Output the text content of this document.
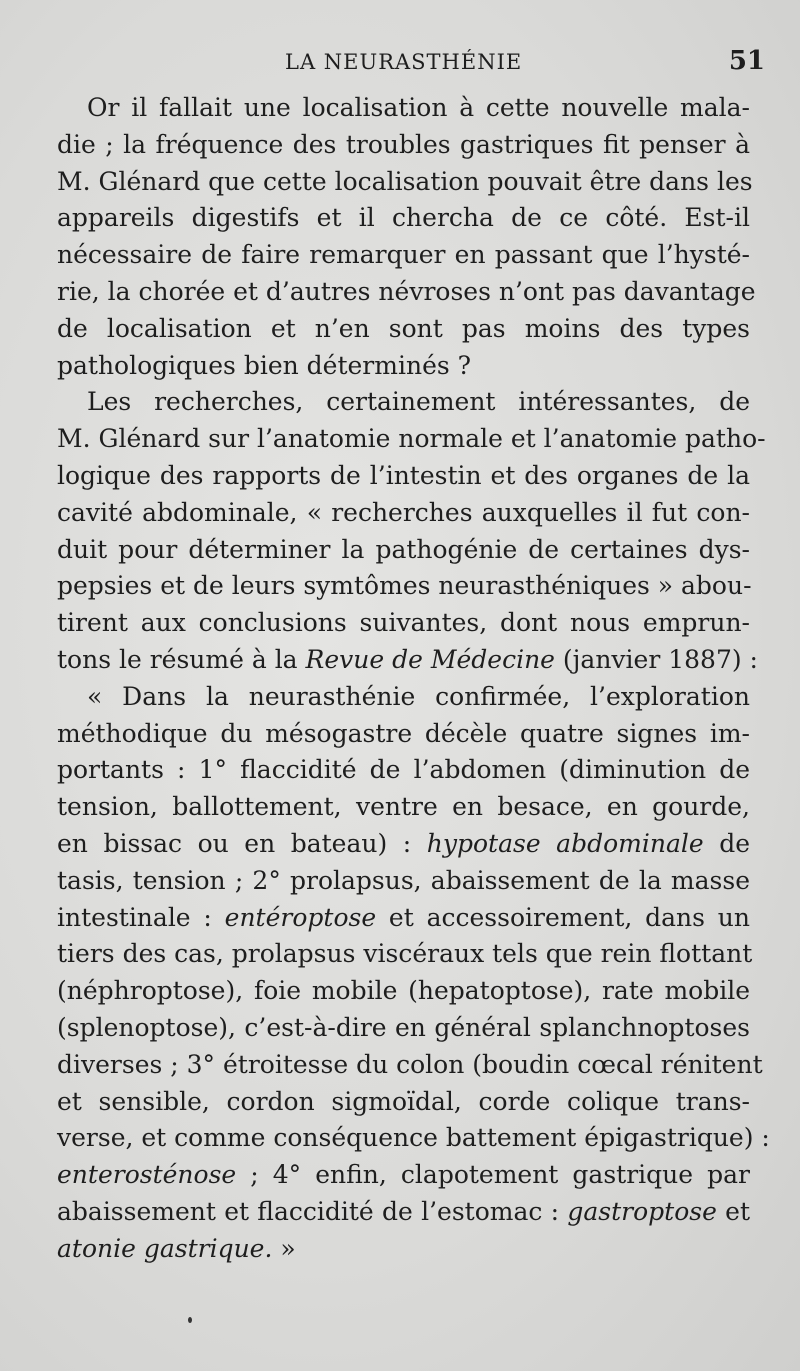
LA NEURASTHÉNIE	51
Or il fallait une localisation à cette nouvelle mala-
die ; la fréquence des troubles gastriques fit penser à
M. Glénard que cette localisation pouvait être dans les
appareils digestifs et il chercha de ce côté. Est-il
nécessaire de faire remarquer en passant que l’hysté-
rie, la chorée et d’autres névroses n’ont pas davantage
de localisation et n’en sont pas moins des types
pathologiques bien déterminés ?
Les recherches, certainement intéressantes, de
M. Glénard sur l’anatomie normale et l’anatomie patho-
logique des rapports de l’intestin et des organes de la
cavité abdominale, « recherches auxquelles il fut con-
duit pour déterminer la pathogénie de certaines dys-
pepsies et de leurs symtômes neurasthéniques » abou-
tirent aux conclusions suivantes, dont nous emprun-
tons le résumé à la Revue de Médecine (janvier 1887) :
« Dans la neurasthénie confirmée, l’exploration
méthodique du mésogastre décèle quatre signes im-
portants : 1° flaccidité de l’abdomen (diminution de
tension, ballottement, ventre en besace, en gourde,
en bissac ou en bateau) : hypotase abdominale de
tasis, tension ; 2° prolapsus, abaissement de la masse
intestinale : entéroptose et accessoirement, dans un
tiers des cas, prolapsus viscéraux tels que rein flottant
(néphroptose), foie mobile (hepatoptose), rate mobile
(splenoptose), c’est-à-dire en général splanchnoptoses
diverses ; 3° étroitesse du colon (boudin cœcal rénitent
et sensible, cordon sigmoïdal, corde colique trans-
verse, et comme conséquence battement épigastrique) :
enterosténose ; 4° enfin, clapotement gastrique par
abaissement et flaccidité de l’estomac : gastroptose et
atonie gastrique. »
